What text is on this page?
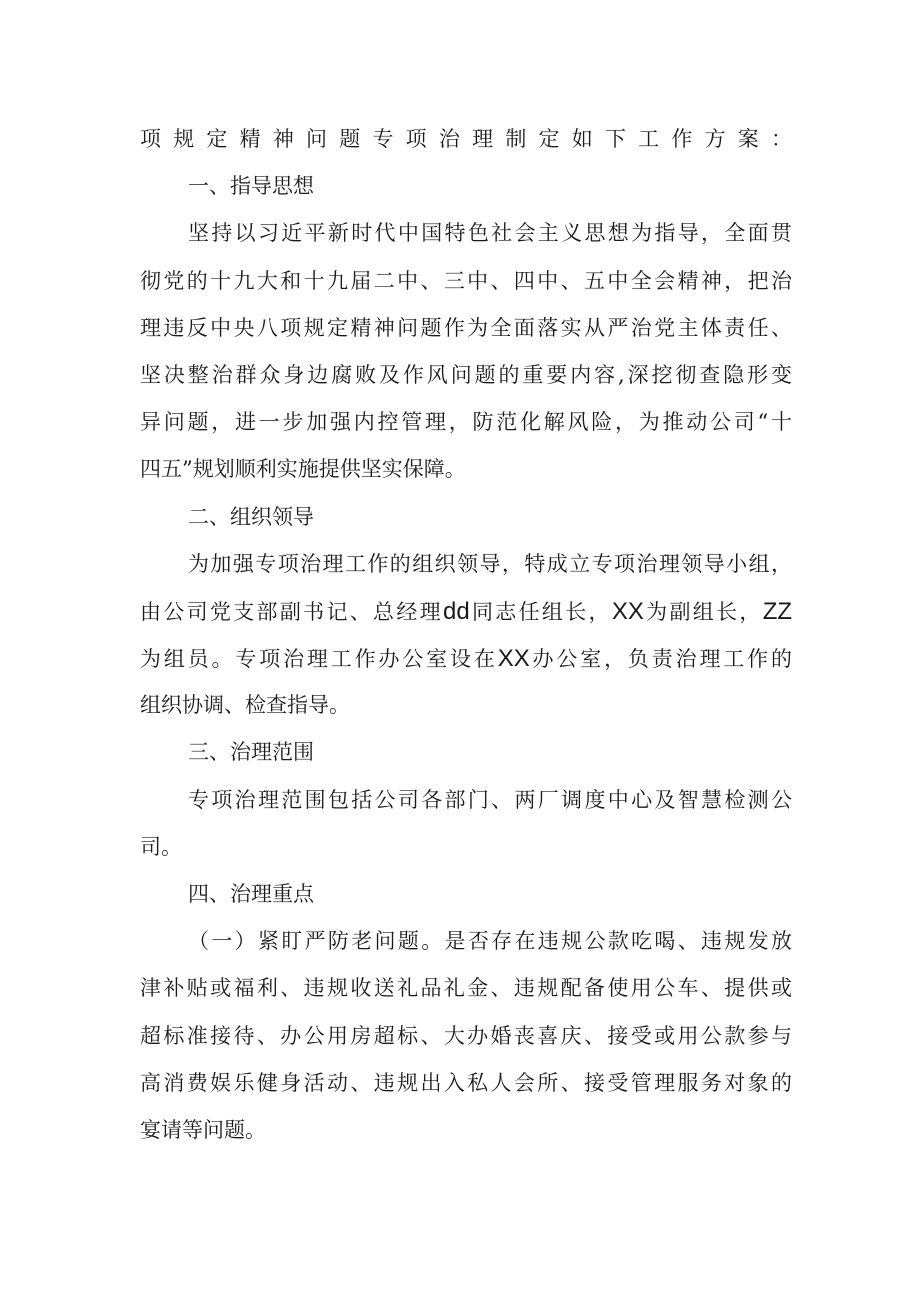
项规定精神问题专项治理制定如下工作方案：
一、指导思想
坚持以习近平新时代中国特色社会主义思想为指导，全面贯
彻党的十九大和十九届二中、三中、四中、五中全会精神，把治
理违反中央八项规定精神问题作为全面落实从严治党主体责任、
坚决整治群众身边腐败及作风问题的重要内容,深挖彻查隐形变
异问题，进一步加强内控管理，防范化解风险，为推动公司“十
四五”规划顺利实施提供坚实保障。
二、组织领导
为加强专项治理工作的组织领导，特成立专项治理领导小组，
由公司党支部副书记、总经理dd同志任组长，XX为副组长，ZZ
为组员。专项治理工作办公室设在XX办公室，负责治理工作的
组织协调、检查指导。
三、治理范围
专项治理范围包括公司各部门、两厂调度中心及智慧检测公
司。
四、治理重点
（一）紧盯严防老问题。是否存在违规公款吃喝、违规发放
津补贴或福利、违规收送礼品礼金、违规配备使用公车、提供或
超标准接待、办公用房超标、大办婚丧喜庆、接受或用公款参与
高消费娱乐健身活动、违规出入私人会所、接受管理服务对象的
宴请等问题。
